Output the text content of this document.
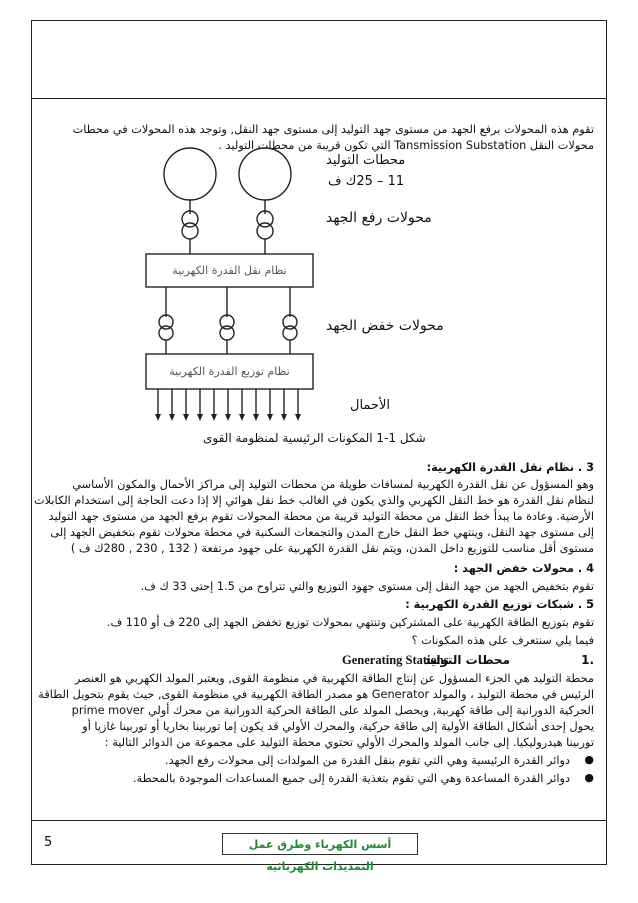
تقوم هذه المحولات برفع الجهد من مستوى جهد التوليد إلى مستوى جهد النقل, وتوجد هذه المحولات في محطات
محولات النقل Tansmission Substation التي تكون قريبة من محطات التوليد .
نظام نقل القدرة الكهربية
نظام توزيع القدرة الكهربية
محطات التوليد
11 – 25ك ف
محولات رفع الجهد
محولات خفض الجهد
الأحمال
شكل 1-1 المكونات الرئيسية لمنظومة القوى
3 . نظام نقل القدرة الكهربية:
وهو المسؤول عن نقل القدرة الكهربية لمسافات طويلة من محطات التوليد إلى مراكز الأحمال والمكون الأساسي
لنظام نقل القدرة هو خط النقل الكهربي والذي يكون في الغالب خط نقل هوائي إلا إذا دعت الحاجة إلى استخدام الكابلات
الأرضية. وعادة ما يبدأ خط النقل من محطة التوليد قريبة من محطة المحولات تقوم برفع الجهد من مستوى جهد التوليد
إلى مستوى جهد النقل، وينتهي خط النقل خارج المدن والتجمعات السكنية في محطة محولات تقوم بتخفيض الجهد إلى
مستوى أقل مناسب للتوزيع داخل المدن، ويتم نقل القدرة الكهربية على جهود مرتفعة ( 132 , 230 , 280ك ف )
4 . محولات خفض الجهد :
تقوم بتخفيض الجهد من جهد النقل إلى مستوى جهود التوزيع والتي تتراوح من 1.5 إحتى 33 ك ف.
5 . شبكات توزيع القدرة الكهربية :
تقوم بتوزيع الطاقة الكهربية على المشتركين وتنتهي بمحولات توزيع تخفض الجهد إلى 220 ف أو 110 ف.
فيما يلي سنتعرف على هذه المكونات ؟
.1
محطات التوليد
Generating Stations
محطة التوليد هي الجزء المسؤول عن إنتاج الطاقة الكهربية في منظومة القوى, ويعتبر المولد الكهربي هو العنصر
الرئيس في محطة التوليد ، والمولد Generator هو مصدر الطاقة الكهربية في منظومة القوى, حيث يقوم بتحويل الطاقة
الحركية الدورانية إلى طاقة كهربية, ويحصل المولد على الطاقة الحركية الدورانية من محرك أولي prime mover
يحول إحدى أشكال الطاقة الأولية إلى طاقة حركية، والمحرك الأولي قد يكون إما توربينا بخاريا أو توربينا غازيا أو
توربينا هيدروليكيا. إلى جانب المولد والمحرك الأولي تحتوي محطة التوليد على مجموعة من الدوائر التالية :
●
دوائر القدرة الرئيسية وهي التي تقوم بنقل القدرة من المولدات إلى محولات رفع الجهد.
●
دوائر القدرة المساعدة وهي التي تقوم بتغذية القدرة إلى جميع المساعدات الموجودة بالمحطة.
5	أسس الكهرباء وطرق عمل التمديدات الكهربائية
